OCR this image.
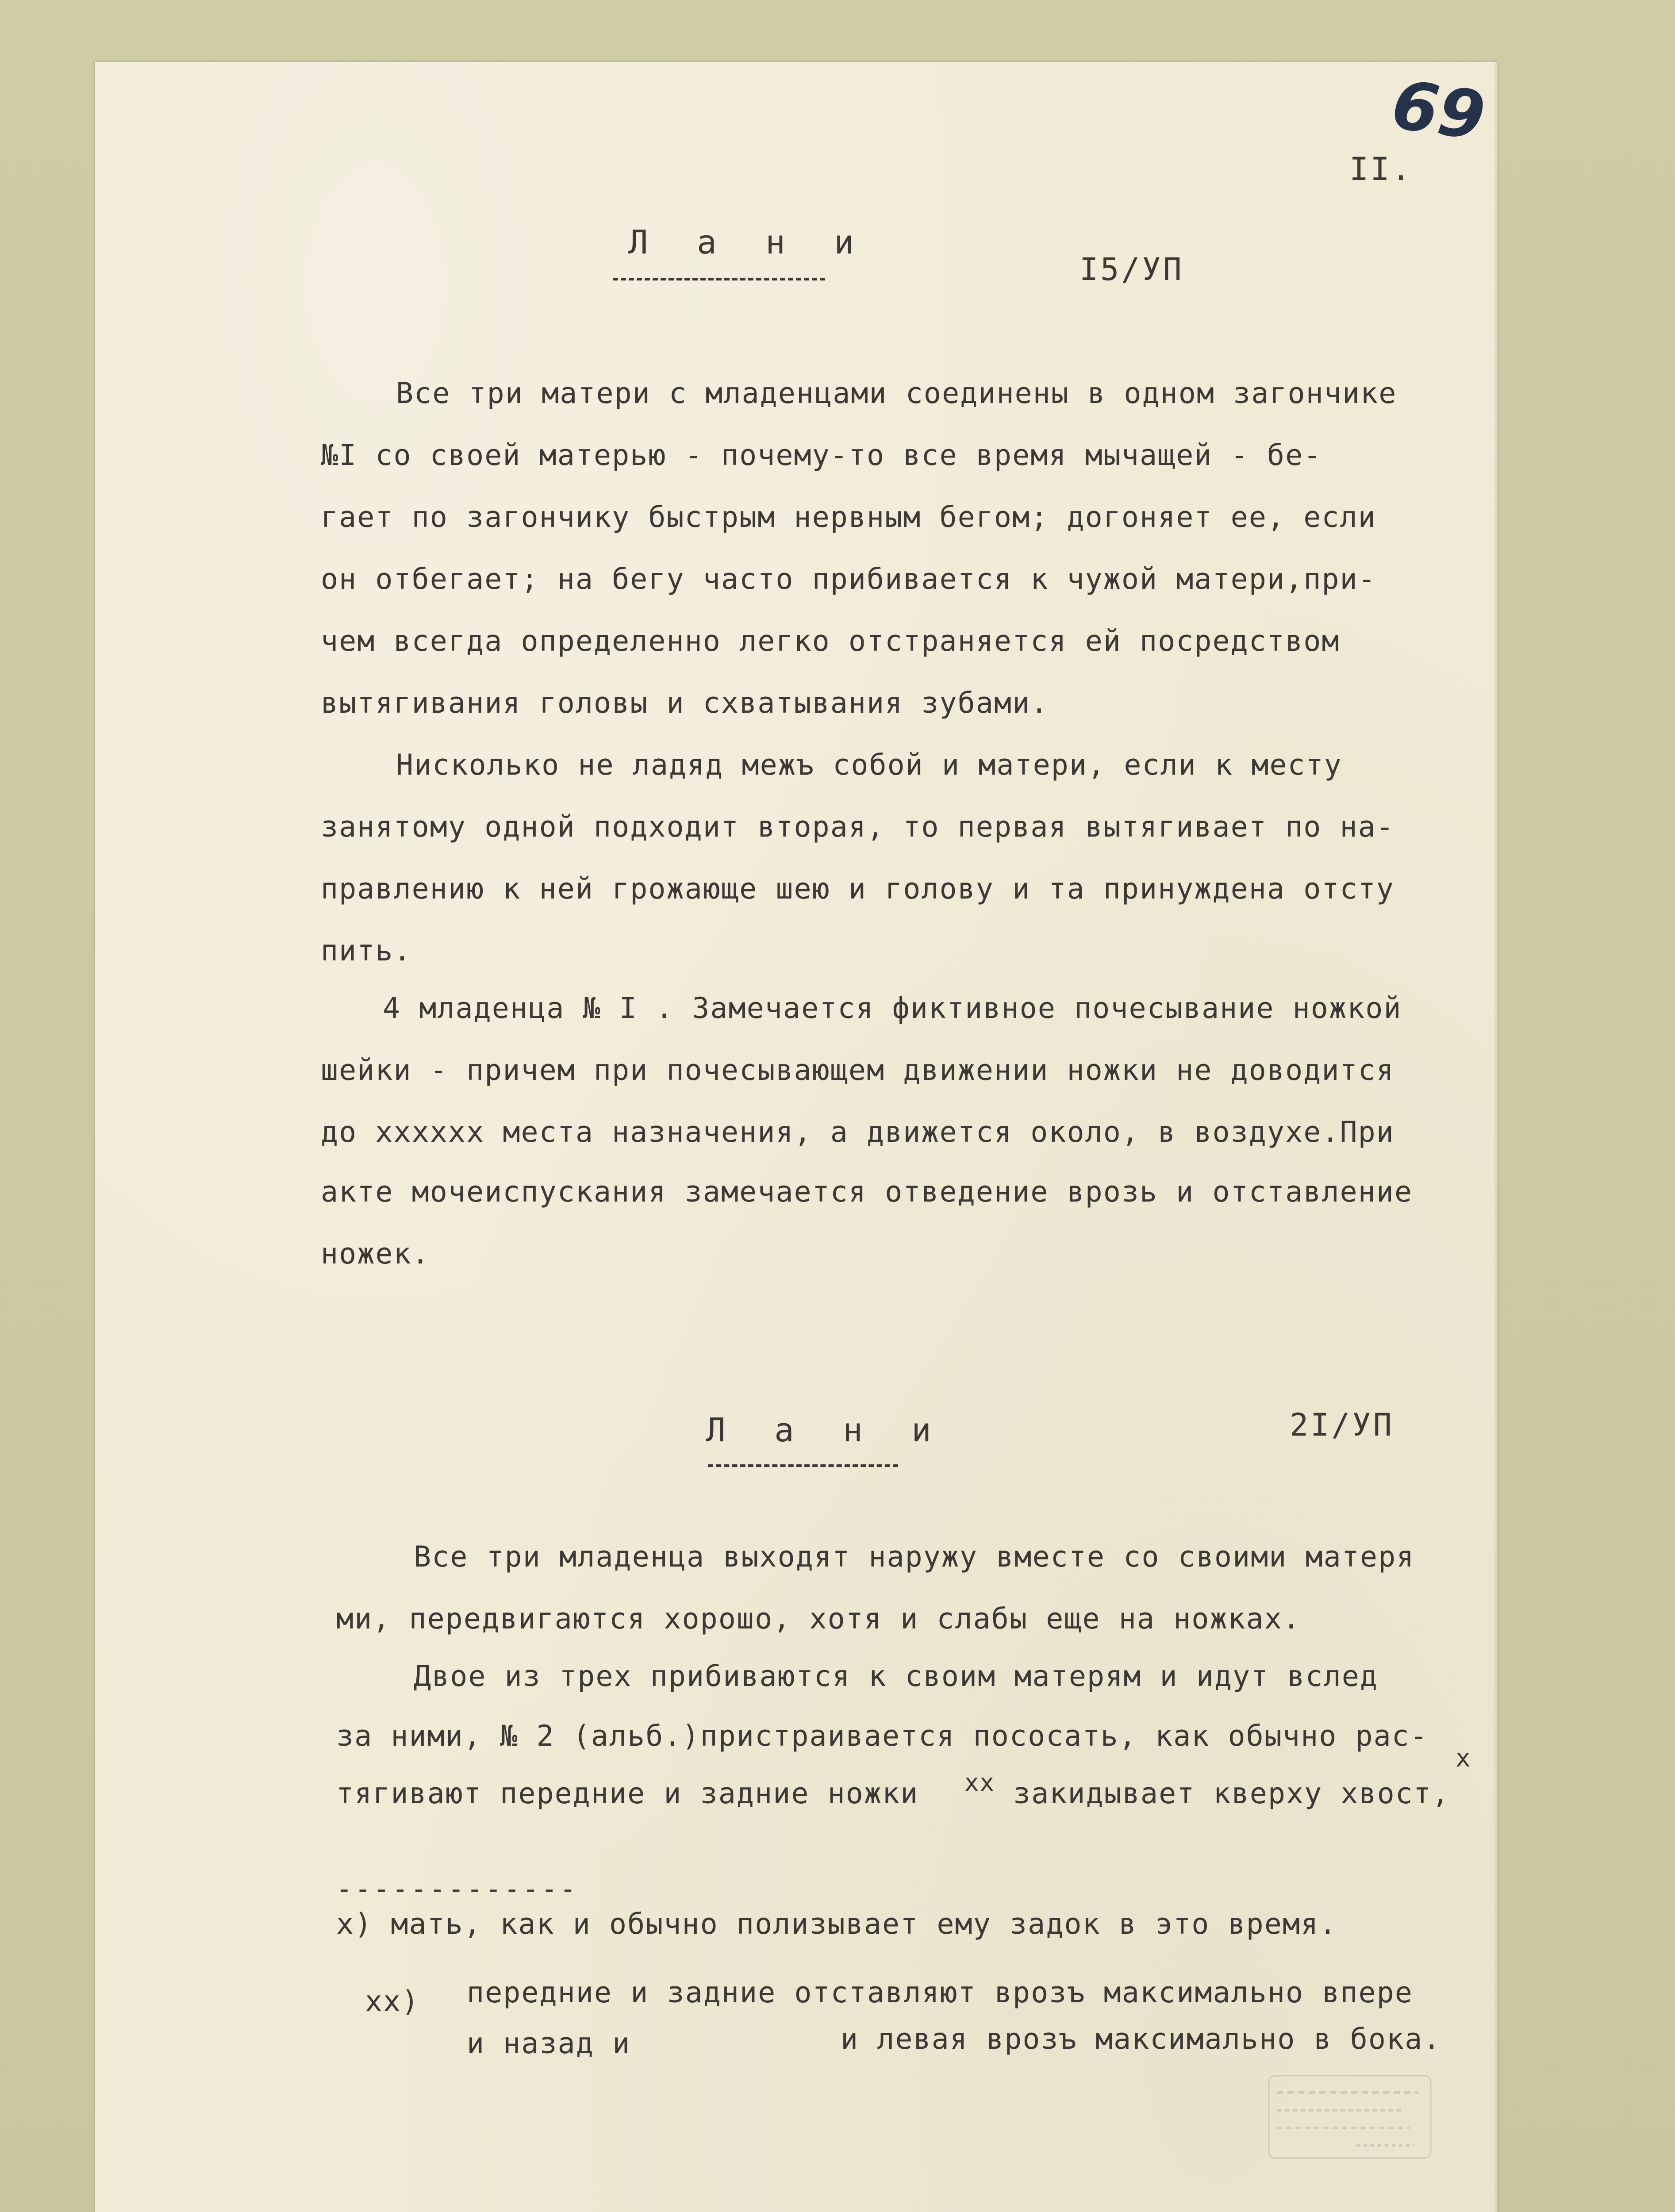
II.
69
Л а н и
I5/УП
Все три матери с младенцами соединены в одном загончике
№I со своей матерью - почему-то все время мычащей - бе-
гает по загончику быстрым нервным бегом; догоняет ее, если
он отбегает; на бегу часто прибивается к чужой матери,при-
чем всегда определенно легко отстраняется ей посредством
вытягивания головы и схватывания зубами.
Нисколько не ладяд межъ собой и матери, если к месту
занятому одной подходит вторая, то первая вытягивает по на-
правлению к ней грожающе шею и голову и та принуждена отсту
пить.
4 младенца № I . Замечается фиктивное почесывание ножкой
шейки - причем при почесывающем движении ножки не доводится
до хххххх места назначения, а движется около, в воздухе.При
акте мочеиспускания замечается отведение врозь и отставление
ножек.
Л а н и	2I/УП
Все три младенца выходят наружу вместе со своими матеря
ми, передвигаются хорошо, хотя и слабы еще на ножках.
Двое из трех прибиваются к своим матерям и идут вслед
за ними, № 2 (альб.)пристраивается пососать, как обычно рас-
х
тягивают передние и задние ножки хх закидывает кверху хвост,
-------------
х) мать, как и обычно полизывает ему задок в это время.
хх) передние и задние отставляют врозъ максимально впере
и назад и	и левая врозъ максимально в бока.
